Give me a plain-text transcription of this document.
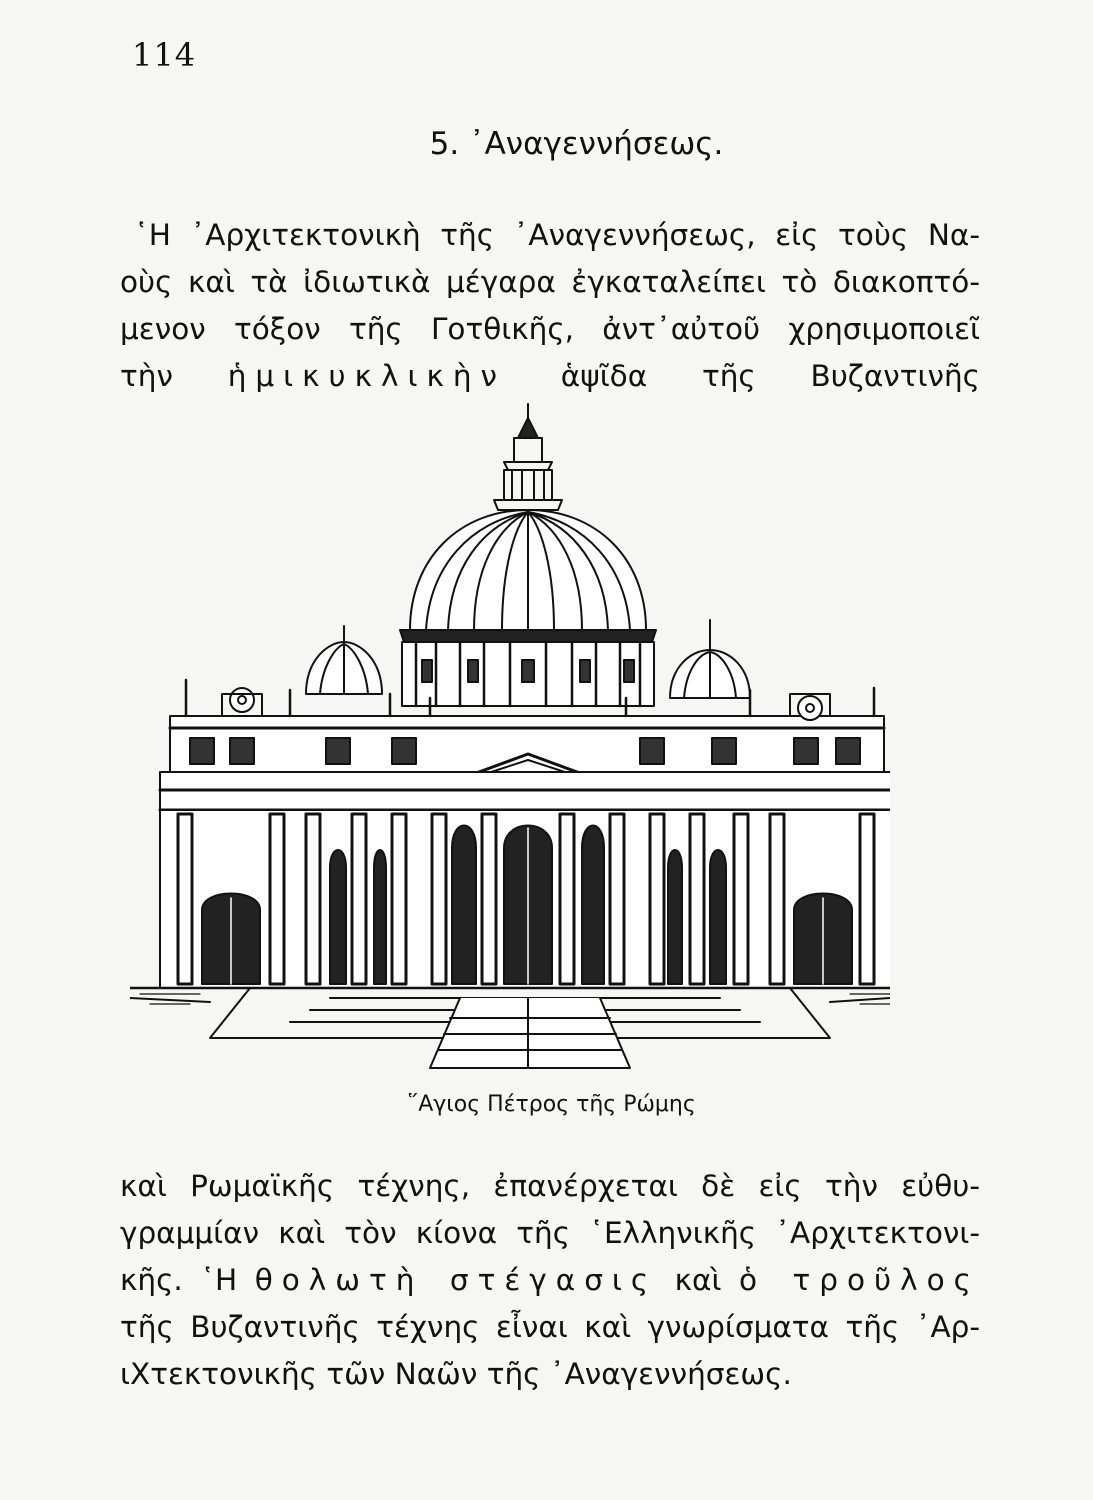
114
5. ᾿Αναγεννήσεως.
῾Η ᾿Αρχιτεκτονικὴ τῆς ᾿Αναγεννήσεως, εἰς τοὺς Να-
οὺς καὶ τὰ ἰδιωτικὰ μέγαρα ἐγκαταλείπει τὸ διακοπτό-
μενον τόξον τῆς Γοτθικῆς, ἀντ᾿αὐτοῦ χρησιμοποιεῖ
τὴν ἡμικυκλικὴν ἁψῖδα τῆς Βυζαντινῆς
῞Αγιος Πέτρος τῆς Ρώμης
καὶ Ρωμαϊκῆς τέχνης, ἐπανέρχεται δὲ εἰς τὴν εὐθυ-
γραμμίαν καὶ τὸν κίονα τῆς ῾Ελληνικῆς ᾿Αρχιτεκτονι-
κῆς. ῾Η θολωτὴ στέγασις καὶ ὁ τροῦλος
τῆς Βυζαντινῆς τέχνης εἶναι καὶ γνωρίσματα τῆς ᾿Αρ-
ιΧτεκτονικῆς τῶν Ναῶν τῆς ᾿Αναγεννήσεως.
